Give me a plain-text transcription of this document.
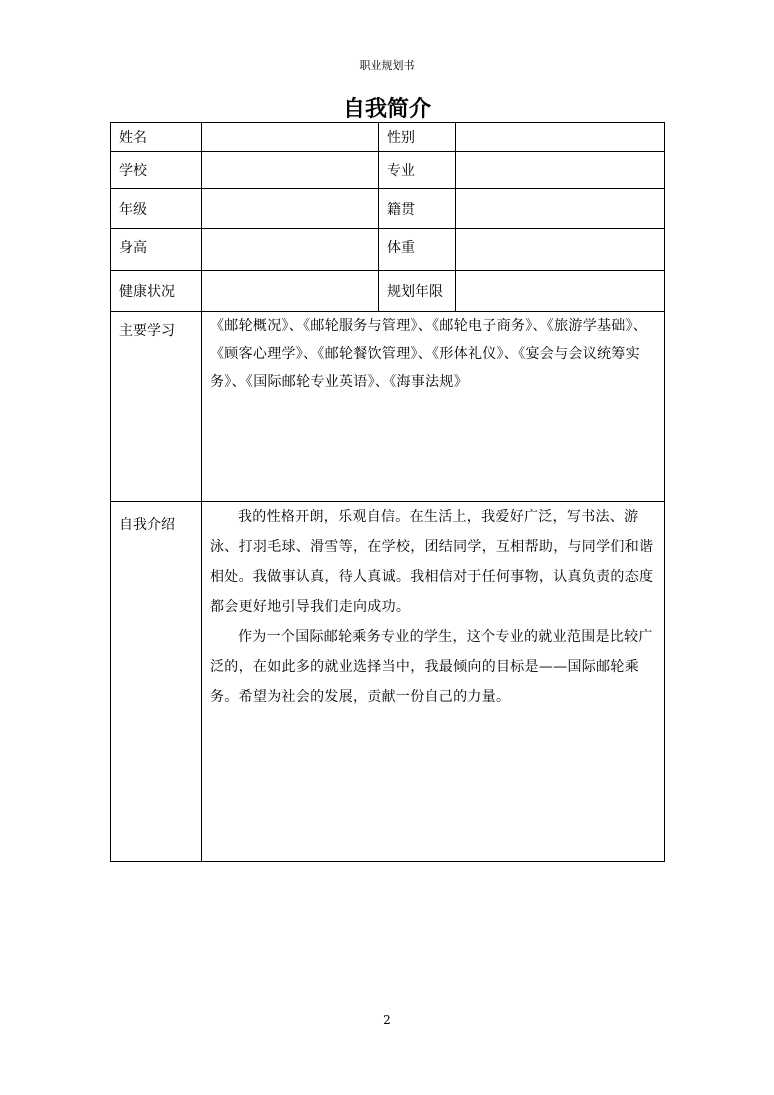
职业规划书
自我简介
姓名		性别	
学校		专业	
年级		籍贯	
身高		体重	
健康状况		规划年限	
主要学习	《邮轮概况》、《邮轮服务与管理》、《邮轮电子商务》、《旅游学基础》、《顾客心理学》、《邮轮餐饮管理》、《形体礼仪》、《宴会与会议统筹实务》、《国际邮轮专业英语》、《海事法规》		
自我介绍	我的性格开朗，乐观自信。在生活上，我爱好广泛，写书法、游泳、打羽毛球、滑雪等，在学校，团结同学，互相帮助，与同学们和谐相处。我做事认真，待人真诚。我相信对于任何事物，认真负责的态度都会更好地引导我们走向成功。

作为一个国际邮轮乘务专业的学生，这个专业的就业范围是比较广泛的，在如此多的就业选择当中，我最倾向的目标是——国际邮轮乘务。希望为社会的发展，贡献一份自己的力量。		

2
